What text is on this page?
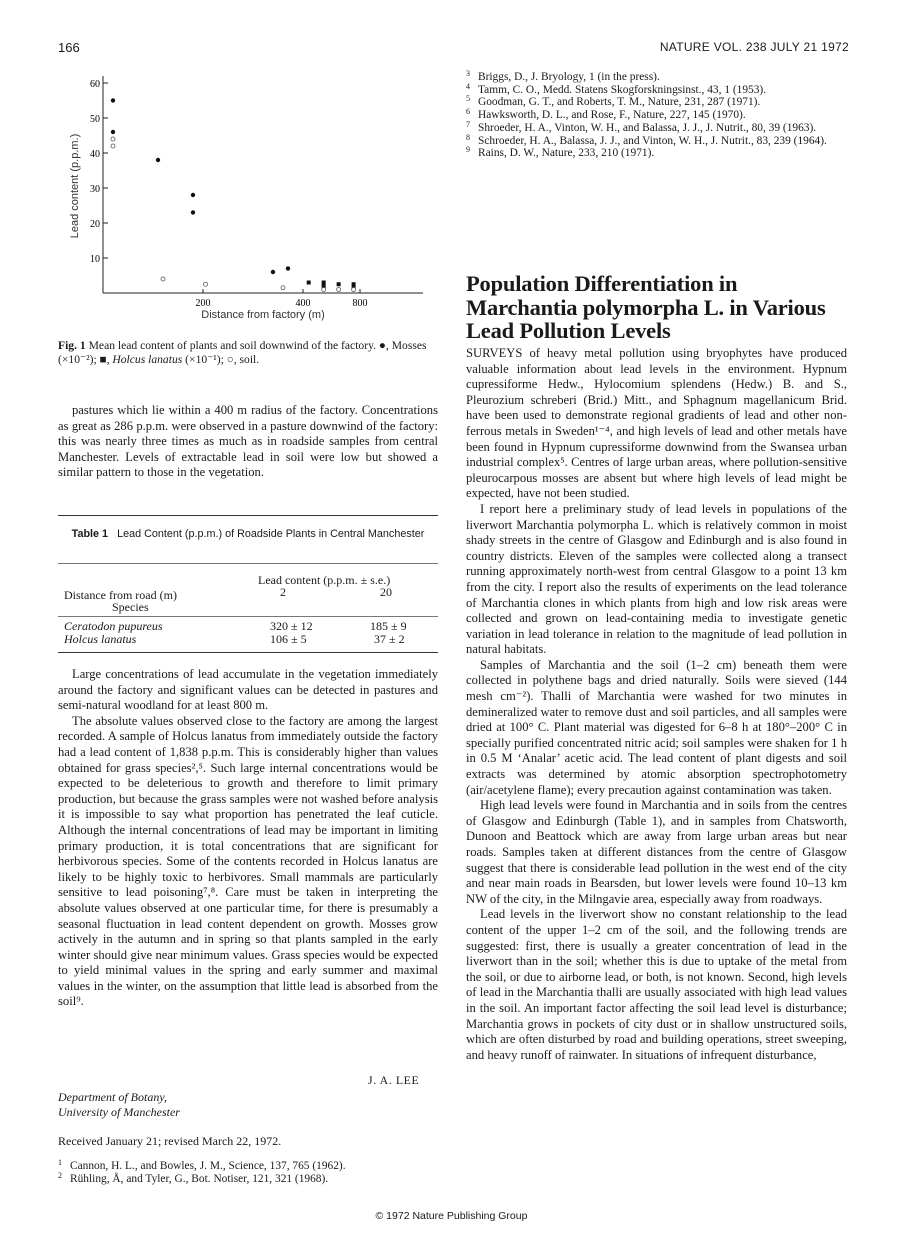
166	NATURE VOL. 238 JULY 21 1972
10
20
30
40
50
60
200	400	800
Lead content (p.p.m.)
Distance from factory (m)
Fig. 1 Mean lead content of plants and soil downwind of the factory. ●, Mosses (×10⁻²); ■, Holcus lanatus (×10⁻¹); ○, soil.

pastures which lie within a 400 m radius of the factory. Concentrations as great as 286 p.p.m. were observed in a pasture downwind of the factory: this was nearly three times as much as in roadside samples from central Manchester. Levels of extractable lead in soil were low but showed a similar pattern to those in the vegetation.

Table 1 Lead Content (p.p.m.) of Roadside Plants in Central Manchester
Lead content (p.p.m. ± s.e.)
Distance from road (m)	2	20
Species
Ceratodon pupureus	320 ± 12	185 ± 9
Holcus lanatus	106 ± 5	37 ± 2

Large concentrations of lead accumulate in the vegetation immediately around the factory and significant values can be detected in pastures and semi-natural woodland for at least 800 m.

The absolute values observed close to the factory are among the largest recorded. A sample of Holcus lanatus from immediately outside the factory had a lead content of 1,838 p.p.m. This is considerably higher than values obtained for grass species²,⁵. Such large internal concentrations would be expected to be deleterious to growth and therefore to limit primary production, but because the grass samples were not washed before analysis it is impossible to say what proportion has penetrated the leaf cuticle. Although the internal concentrations of lead may be important in limiting primary production, it is total concentrations that are significant for herbivorous species. Some of the contents recorded in Holcus lanatus are likely to be highly toxic to herbivores. Small mammals are particularly sensitive to lead poisoning⁷,⁸. Care must be taken in interpreting the absolute values observed at one particular time, for there is presumably a seasonal fluctuation in lead content dependent on growth. Mosses grow actively in the autumn and in spring so that plants sampled in the early winter should give near minimum values. Grass species would be expected to yield minimal values in the spring and early summer and maximal values in the winter, on the assumption that little lead is absorbed from the soil⁹.

J. A. LEE
Department of Botany,
University of Manchester
Received January 21; revised March 22, 1972.
1 Cannon, H. L., and Bowles, J. M., Science, 137, 765 (1962).
2 Rühling, Å, and Tyler, G., Bot. Notiser, 121, 321 (1968).
3 Briggs, D., J. Bryology, 1 (in the press).
4 Tamm, C. O., Medd. Statens Skogforskningsinst., 43, 1 (1953).
5 Goodman, G. T., and Roberts, T. M., Nature, 231, 287 (1971).
6 Hawksworth, D. L., and Rose, F., Nature, 227, 145 (1970).
7 Shroeder, H. A., Vinton, W. H., and Balassa, J. J., J. Nutrit., 80, 39 (1963).
8 Schroeder, H. A., Balassa, J. J., and Vinton, W. H., J. Nutrit., 83, 239 (1964).
9 Rains, D. W., Nature, 233, 210 (1971).
Population Differentiation in Marchantia polymorpha L. in Various Lead Pollution Levels

SURVEYS of heavy metal pollution using bryophytes have produced valuable information about lead levels in the environment. Hypnum cupressiforme Hedw., Hylocomium splendens (Hedw.) B. and S., Pleurozium schreberi (Brid.) Mitt., and Sphagnum magellanicum Brid. have been used to demonstrate regional gradients of lead and other non-ferrous metals in Sweden¹⁻⁴, and high levels of lead and other metals have been found in Hypnum cupressiforme downwind from the Swansea urban industrial complex⁵. Centres of large urban areas, where pollution-sensitive pleurocarpous mosses are absent but where high levels of lead might be expected, have not been studied.

I report here a preliminary study of lead levels in populations of the liverwort Marchantia polymorpha L. which is relatively common in moist shady streets in the centre of Glasgow and Edinburgh and is also found in country districts. Eleven of the samples were collected along a transect running approximately north-west from central Glasgow to a point 13 km from the city. I report also the results of experiments on the lead tolerance of Marchantia clones in which plants from high and low risk areas were collected and grown on lead-containing media to investigate genetic variation in lead tolerance in relation to the magnitude of lead pollution in natural habitats.

Samples of Marchantia and the soil (1–2 cm) beneath them were collected in polythene bags and dried naturally. Soils were sieved (144 mesh cm⁻²). Thalli of Marchantia were washed for two minutes in demineralized water to remove dust and soil particles, and all samples were dried at 100° C. Plant material was digested for 6–8 h at 180°–200° C in specially purified concentrated nitric acid; soil samples were shaken for 1 h in 0.5 M ‘Analar’ acetic acid. The lead content of plant digests and soil extracts was determined by atomic absorption spectrophotometry (air/acetylene flame); every precaution against contamination was taken.

High lead levels were found in Marchantia and in soils from the centres of Glasgow and Edinburgh (Table 1), and in samples from Chatsworth, Dunoon and Beattock which are away from large urban areas but near roads. Samples taken at different distances from the centre of Glasgow suggest that there is considerable lead pollution in the west end of the city and near main roads in Bearsden, but lower levels were found 10–13 km NW of the city, in the Milngavie area, especially away from roadways.

Lead levels in the liverwort show no constant relationship to the lead content of the upper 1–2 cm of the soil, and the following trends are suggested: first, there is usually a greater concentration of lead in the liverwort than in the soil; whether this is due to uptake of the metal from the soil, or due to airborne lead, or both, is not known. Second, high levels of lead in the Marchantia thalli are usually associated with high lead values in the soil. An important factor affecting the soil lead level is disturbance; Marchantia grows in pockets of city dust or in shallow unstructured soils, which are often disturbed by road and building operations, street sweeping, and heavy runoff of rainwater. In situations of infrequent disturbance,

© 1972 Nature Publishing Group
